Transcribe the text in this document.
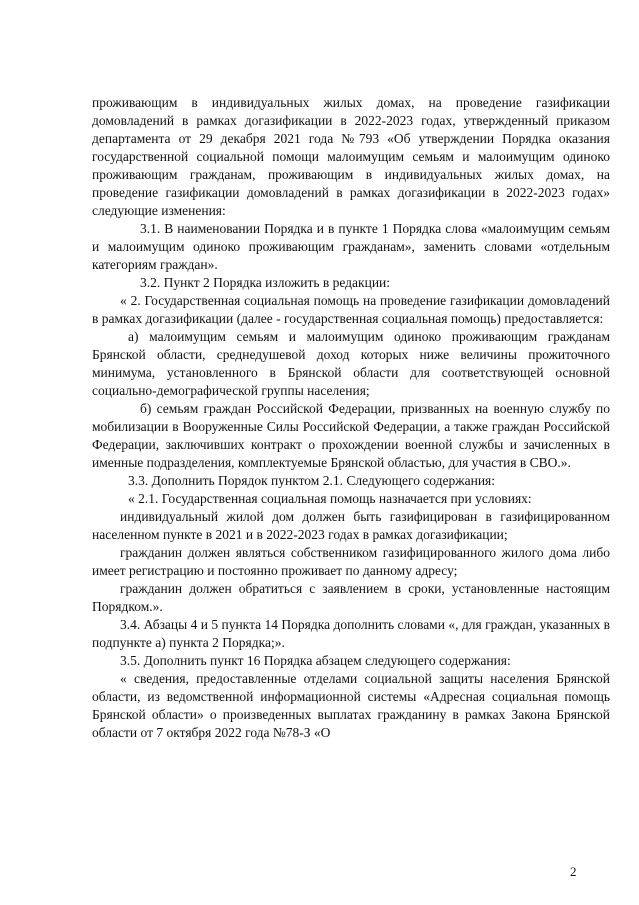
проживающим в индивидуальных жилых домах, на проведение газификации домовладений в рамках догазификации в 2022-2023 годах, утвержденный приказом департамента от 29 декабря 2021 года №793 «Об утверждении Порядка оказания государственной социальной помощи малоимущим семьям и малоимущим одиноко проживающим гражданам, проживающим в индивидуальных жилых домах, на проведение газификации домовладений в рамках догазификации в 2022-2023 годах» следующие изменения:

3.1. В наименовании Порядка и в пункте 1 Порядка слова «малоимущим семьям и малоимущим одиноко проживающим гражданам», заменить словами «отдельным категориям граждан».

3.2. Пункт 2 Порядка изложить в редакции:

« 2. Государственная социальная помощь на проведение газификации домовладений в рамках догазификации (далее - государственная социальная помощь) предоставляется:

а) малоимущим семьям и малоимущим одиноко проживающим гражданам Брянской области, среднедушевой доход которых ниже величины прожиточного минимума, установленного в Брянской области для соответствующей основной социально-демографической группы населения;

б) семьям граждан Российской Федерации, призванных на военную службу по мобилизации в Вооруженные Силы Российской Федерации, а также граждан Российской Федерации, заключивших контракт о прохождении военной службы и зачисленных в именные подразделения, комплектуемые Брянской областью, для участия в СВО.».

3.3. Дополнить Порядок пунктом 2.1. Следующего содержания:

« 2.1. Государственная социальная помощь назначается при условиях:

индивидуальный жилой дом должен быть газифицирован в газифицированном населенном пункте в 2021 и в 2022-2023 годах в рамках догазификации;

гражданин должен являться собственником газифицированного жилого дома либо имеет регистрацию и постоянно проживает по данному адресу;

гражданин должен обратиться с заявлением в сроки, установленные настоящим Порядком.».

3.4. Абзацы 4 и 5 пункта 14 Порядка дополнить словами «, для граждан, указанных в подпункте а) пункта 2 Порядка;».

3.5. Дополнить пункт 16 Порядка абзацем следующего содержания:

« сведения, предоставленные отделами социальной защиты населения Брянской области, из ведомственной информационной системы «Адресная социальная помощь Брянской области» о произведенных выплатах гражданину в рамках Закона Брянской области от 7 октября 2022 года №78-З «О

2
